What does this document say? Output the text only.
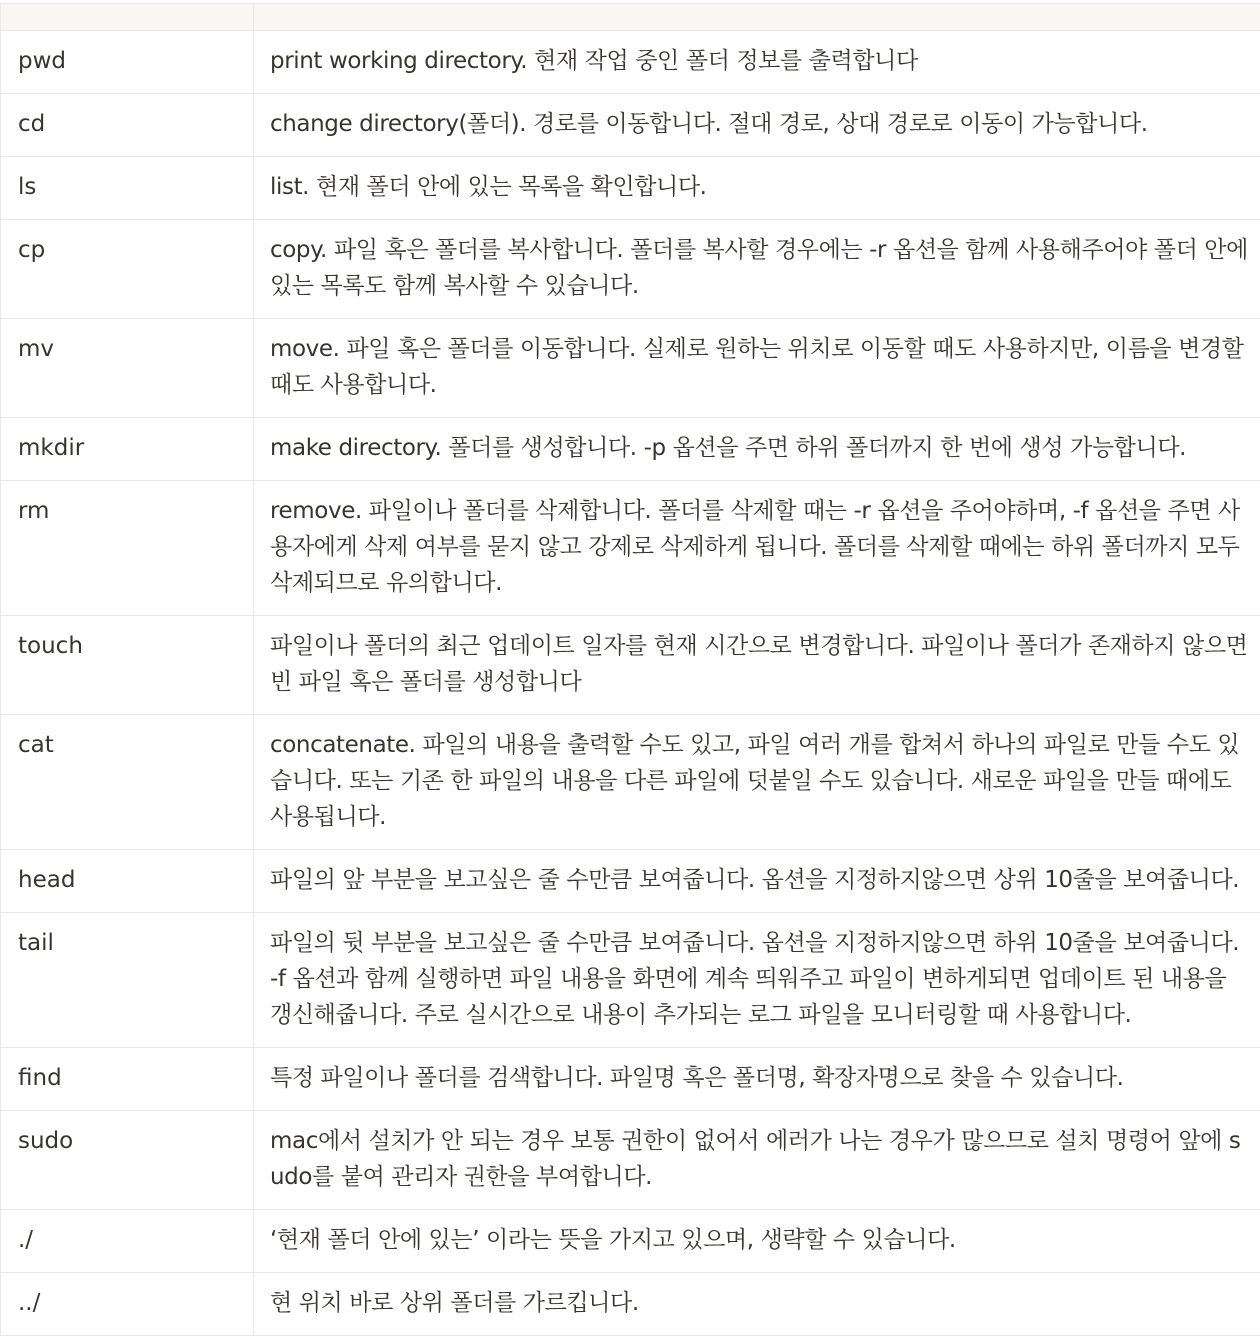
pwd	print working directory. 현재 작업 중인 폴더 정보를 출력합니다
cd	change directory(폴더). 경로를 이동합니다. 절대 경로, 상대 경로로 이동이 가능합니다.
ls	list. 현재 폴더 안에 있는 목록을 확인합니다.
cp	copy. 파일 혹은 폴더를 복사합니다. 폴더를 복사할 경우에는 -r 옵션을 함께 사용해주어야 폴더 안에 있는 목록도 함께 복사할 수 있습니다.
mv	move. 파일 혹은 폴더를 이동합니다. 실제로 원하는 위치로 이동할 때도 사용하지만, 이름을 변경할 때도 사용합니다.
mkdir	make directory. 폴더를 생성합니다. -p 옵션을 주면 하위 폴더까지 한 번에 생성 가능합니다.
rm	remove. 파일이나 폴더를 삭제합니다. 폴더를 삭제할 때는 -r 옵션을 주어야하며, -f 옵션을 주면 사용자에게 삭제 여부를 묻지 않고 강제로 삭제하게 됩니다. 폴더를 삭제할 때에는 하위 폴더까지 모두 삭제되므로 유의합니다.
touch	파일이나 폴더의 최근 업데이트 일자를 현재 시간으로 변경합니다. 파일이나 폴더가 존재하지 않으면 빈 파일 혹은 폴더를 생성합니다
cat	concatenate. 파일의 내용을 출력할 수도 있고, 파일 여러 개를 합쳐서 하나의 파일로 만들 수도 있습니다. 또는 기존 한 파일의 내용을 다른 파일에 덧붙일 수도 있습니다. 새로운 파일을 만들 때에도 사용됩니다.
head	파일의 앞 부분을 보고싶은 줄 수만큼 보여줍니다. 옵션을 지정하지않으면 상위 10줄을 보여줍니다.
tail	파일의 뒷 부분을 보고싶은 줄 수만큼 보여줍니다. 옵션을 지정하지않으면 하위 10줄을 보여줍니다. -f 옵션과 함께 실행하면 파일 내용을 화면에 계속 띄워주고 파일이 변하게되면 업데이트 된 내용을 갱신해줍니다. 주로 실시간으로 내용이 추가되는 로그 파일을 모니터링할 때 사용합니다.
find	특정 파일이나 폴더를 검색합니다. 파일명 혹은 폴더명, 확장자명으로 찾을 수 있습니다.
sudo	mac에서 설치가 안 되는 경우 보통 권한이 없어서 에러가 나는 경우가 많으므로 설치 명령어 앞에 sudo를 붙여 관리자 권한을 부여합니다.
./	‘현재 폴더 안에 있는’ 이라는 뜻을 가지고 있으며, 생략할 수 있습니다.
../	현 위치 바로 상위 폴더를 가르킵니다.
